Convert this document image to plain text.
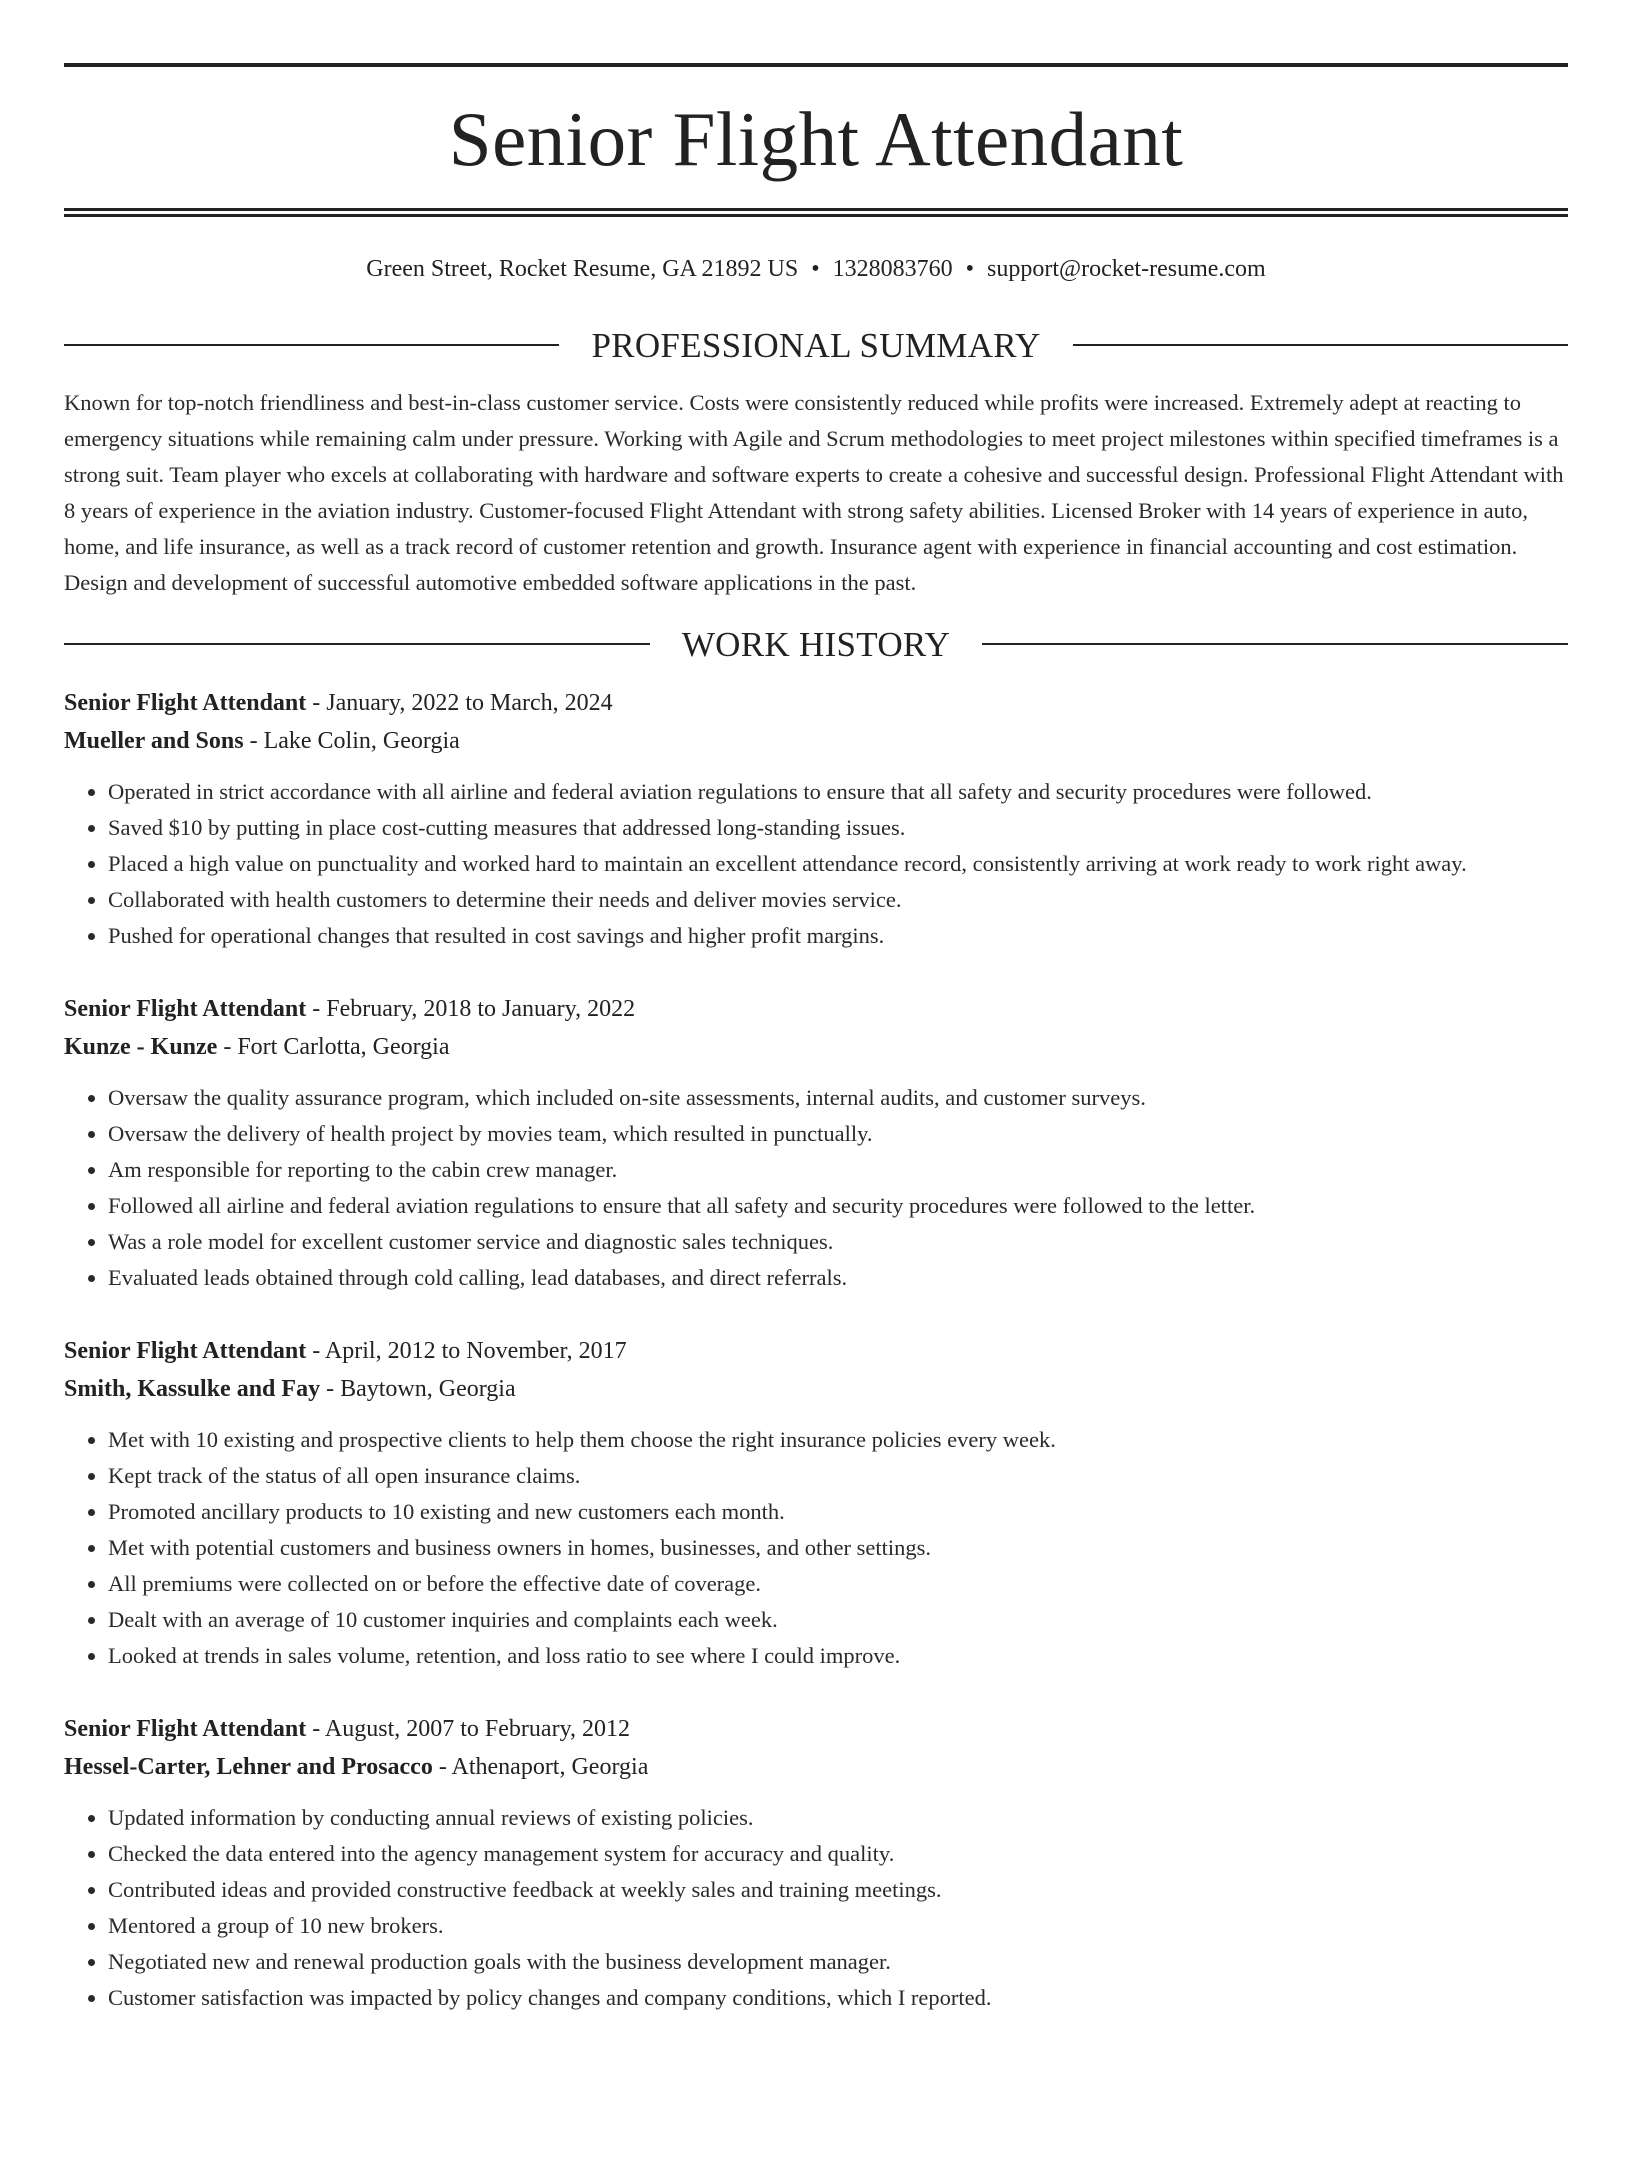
Senior Flight Attendant
Green Street, Rocket Resume, GA 21892 US • 1328083760 • support@rocket-resume.com
PROFESSIONAL SUMMARY

Known for top-notch friendliness and best-in-class customer service. Costs were consistently reduced while profits were increased. Extremely adept at reacting to emergency situations while remaining calm under pressure. Working with Agile and Scrum methodologies to meet project milestones within specified timeframes is a strong suit. Team player who excels at collaborating with hardware and software experts to create a cohesive and successful design. Professional Flight Attendant with 8 years of experience in the aviation industry. Customer-focused Flight Attendant with strong safety abilities. Licensed Broker with 14 years of experience in auto, home, and life insurance, as well as a track record of customer retention and growth. Insurance agent with experience in financial accounting and cost estimation. Design and development of successful automotive embedded software applications in the past.

WORK HISTORY
Senior Flight Attendant - January, 2022 to March, 2024
Mueller and Sons - Lake Colin, Georgia
• Operated in strict accordance with all airline and federal aviation regulations to ensure that all safety and security procedures were followed.
• Saved $10 by putting in place cost-cutting measures that addressed long-standing issues.
• Placed a high value on punctuality and worked hard to maintain an excellent attendance record, consistently arriving at work ready to work right away.
• Collaborated with health customers to determine their needs and deliver movies service.
• Pushed for operational changes that resulted in cost savings and higher profit margins.
Senior Flight Attendant - February, 2018 to January, 2022
Kunze - Kunze - Fort Carlotta, Georgia
• Oversaw the quality assurance program, which included on-site assessments, internal audits, and customer surveys.
• Oversaw the delivery of health project by movies team, which resulted in punctually.
• Am responsible for reporting to the cabin crew manager.
• Followed all airline and federal aviation regulations to ensure that all safety and security procedures were followed to the letter.
• Was a role model for excellent customer service and diagnostic sales techniques.
• Evaluated leads obtained through cold calling, lead databases, and direct referrals.
Senior Flight Attendant - April, 2012 to November, 2017
Smith, Kassulke and Fay - Baytown, Georgia
• Met with 10 existing and prospective clients to help them choose the right insurance policies every week.
• Kept track of the status of all open insurance claims.
• Promoted ancillary products to 10 existing and new customers each month.
• Met with potential customers and business owners in homes, businesses, and other settings.
• All premiums were collected on or before the effective date of coverage.
• Dealt with an average of 10 customer inquiries and complaints each week.
• Looked at trends in sales volume, retention, and loss ratio to see where I could improve.
Senior Flight Attendant - August, 2007 to February, 2012
Hessel-Carter, Lehner and Prosacco - Athenaport, Georgia
• Updated information by conducting annual reviews of existing policies.
• Checked the data entered into the agency management system for accuracy and quality.
• Contributed ideas and provided constructive feedback at weekly sales and training meetings.
• Mentored a group of 10 new brokers.
• Negotiated new and renewal production goals with the business development manager.
• Customer satisfaction was impacted by policy changes and company conditions, which I reported.
